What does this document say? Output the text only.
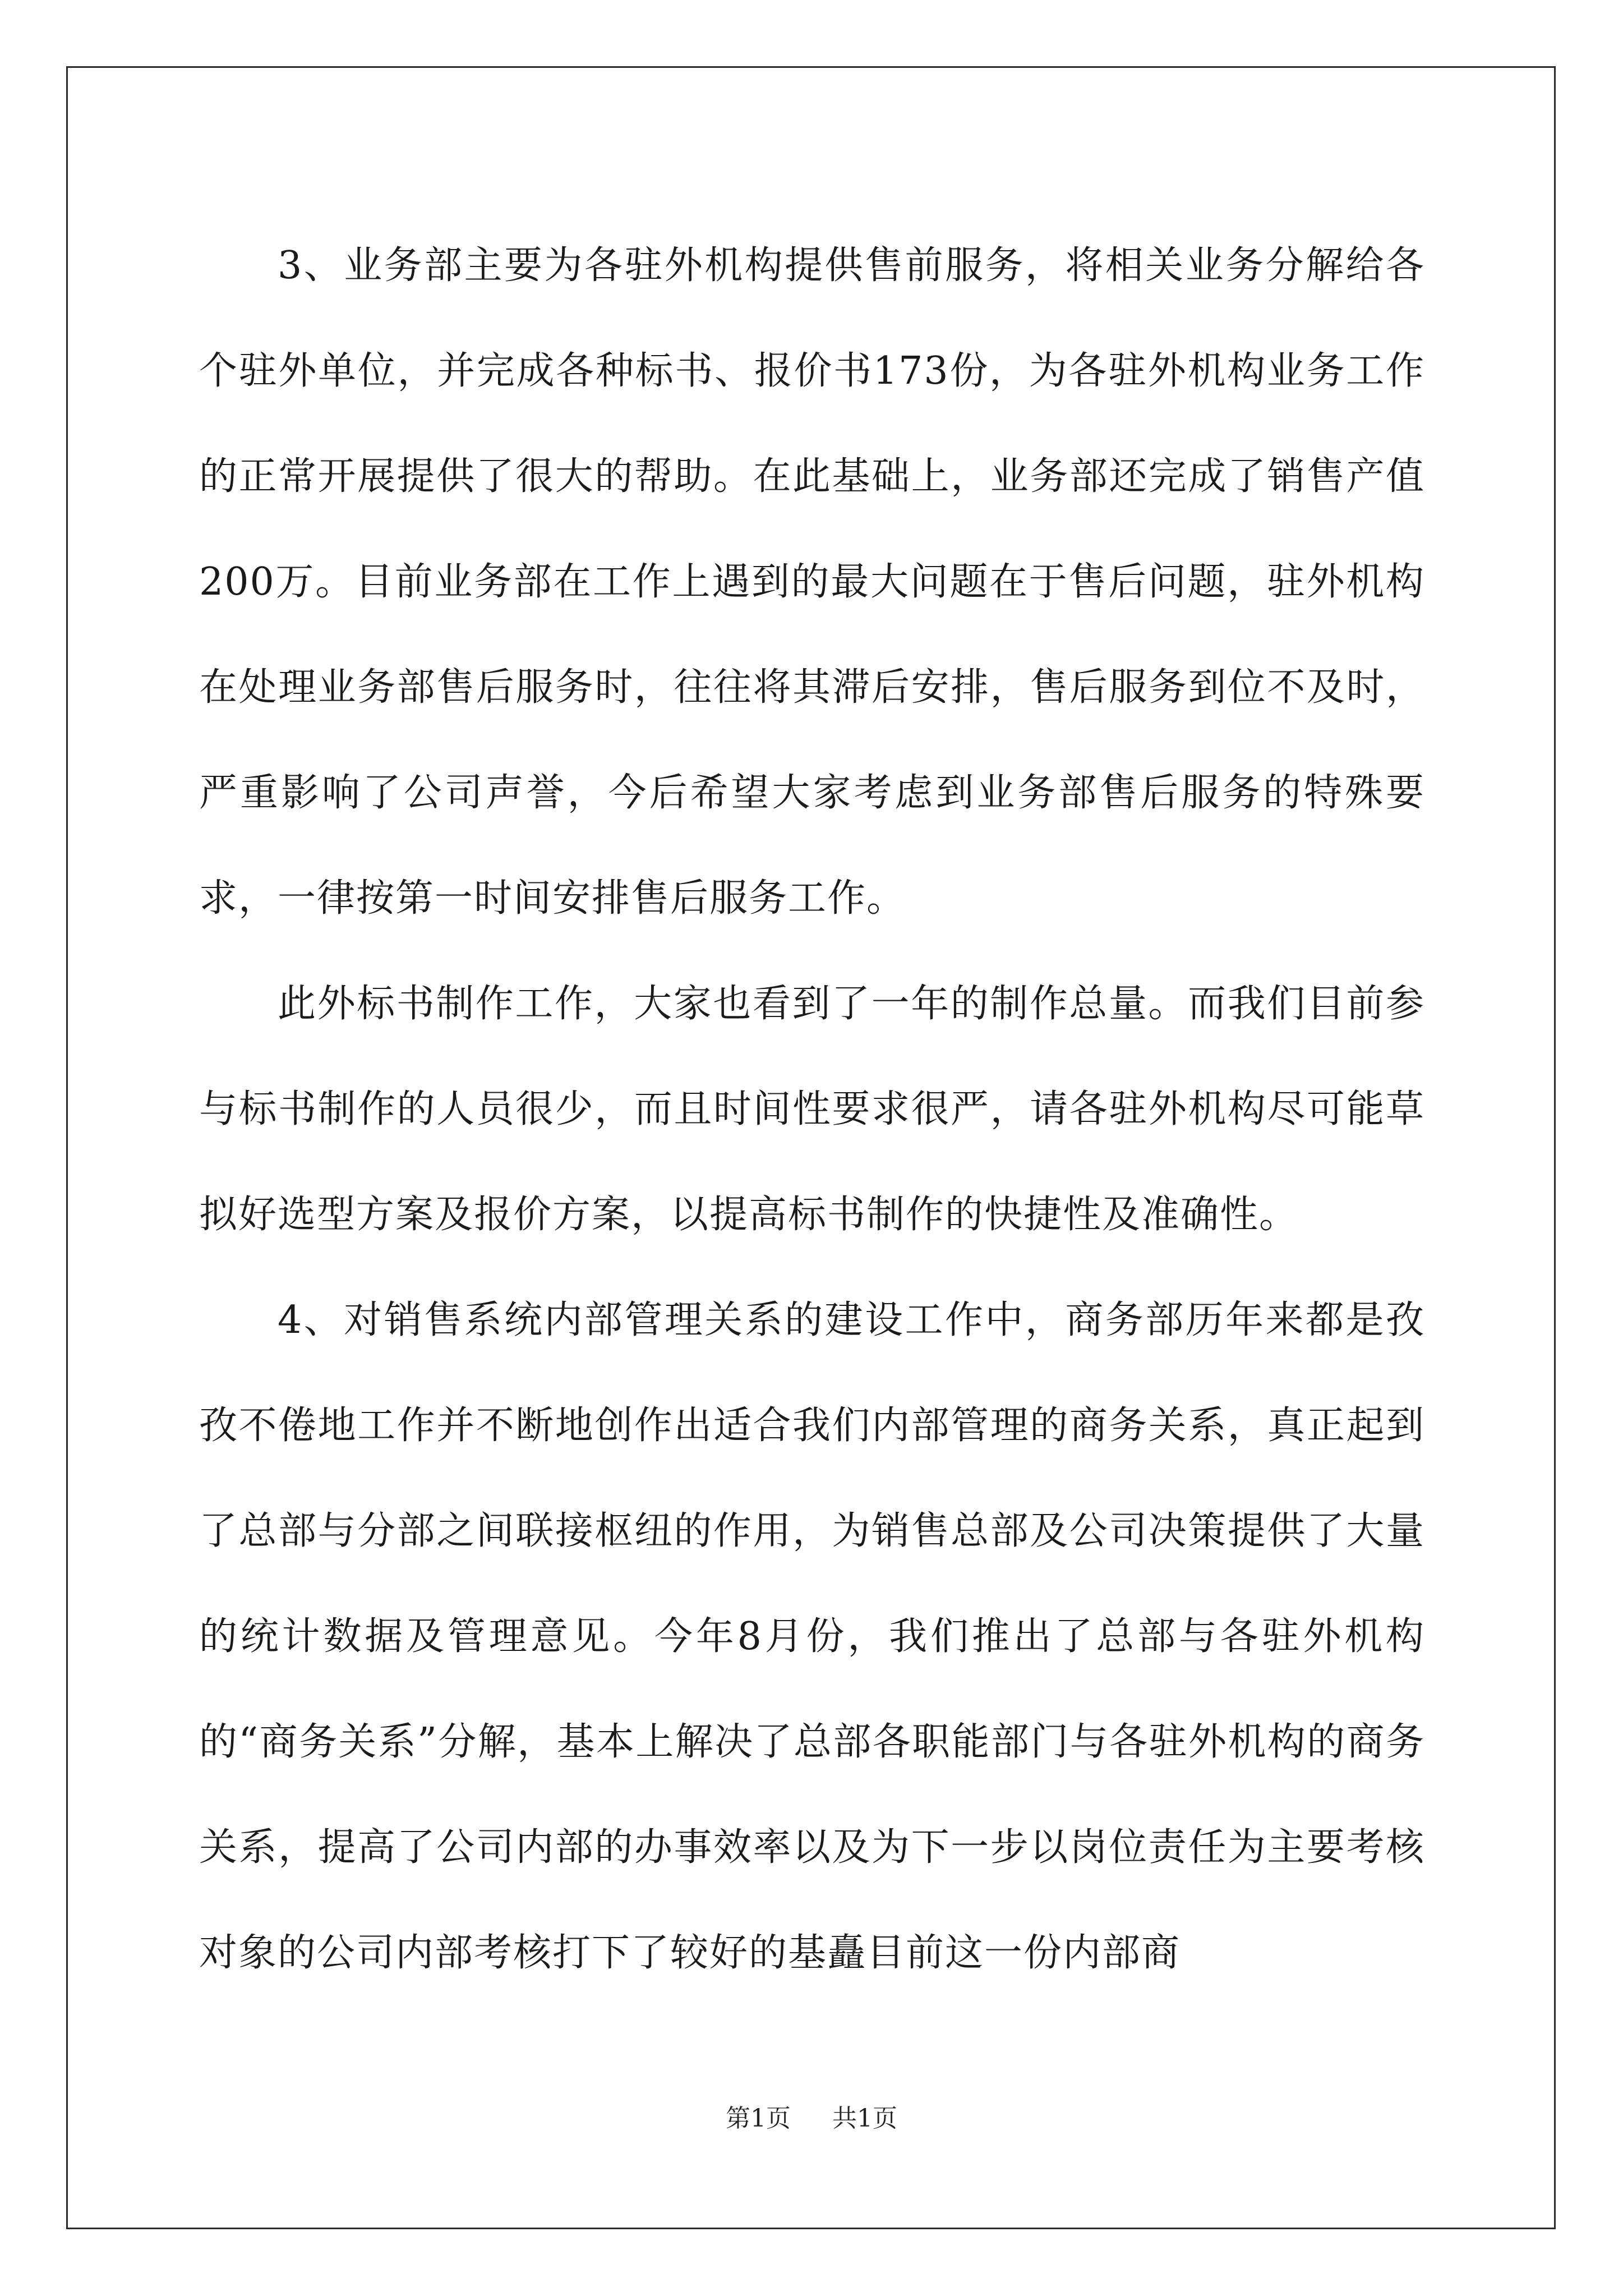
3、业务部主要为各驻外机构提供售前服务，将相关业务分解给各个驻外单位，并完成各种标书、报价书173份，为各驻外机构业务工作的正常开展提供了很大的帮助。在此基础上，业务部还完成了销售产值200万。目前业务部在工作上遇到的最大问题在于售后问题，驻外机构在处理业务部售后服务时，往往将其滞后安排，售后服务到位不及时，严重影响了公司声誉，今后希望大家考虑到业务部售后服务的特殊要求，一律按第一时间安排售后服务工作。

此外标书制作工作，大家也看到了一年的制作总量。而我们目前参与标书制作的人员很少，而且时间性要求很严，请各驻外机构尽可能草拟好选型方案及报价方案，以提高标书制作的快捷性及准确性。

4、对销售系统内部管理关系的建设工作中，商务部历年来都是孜孜不倦地工作并不断地创作出适合我们内部管理的商务关系，真正起到了总部与分部之间联接枢纽的作用，为销售总部及公司决策提供了大量的统计数据及管理意见。今年8月份，我们推出了总部与各驻外机构的“商务关系”分解，基本上解决了总部各职能部门与各驻外机构的商务关系，提高了公司内部的办事效率以及为下一步以岗位责任为主要考核对象的公司内部考核打下了较好的基矗目前这一份内部商

第1页 共1页
